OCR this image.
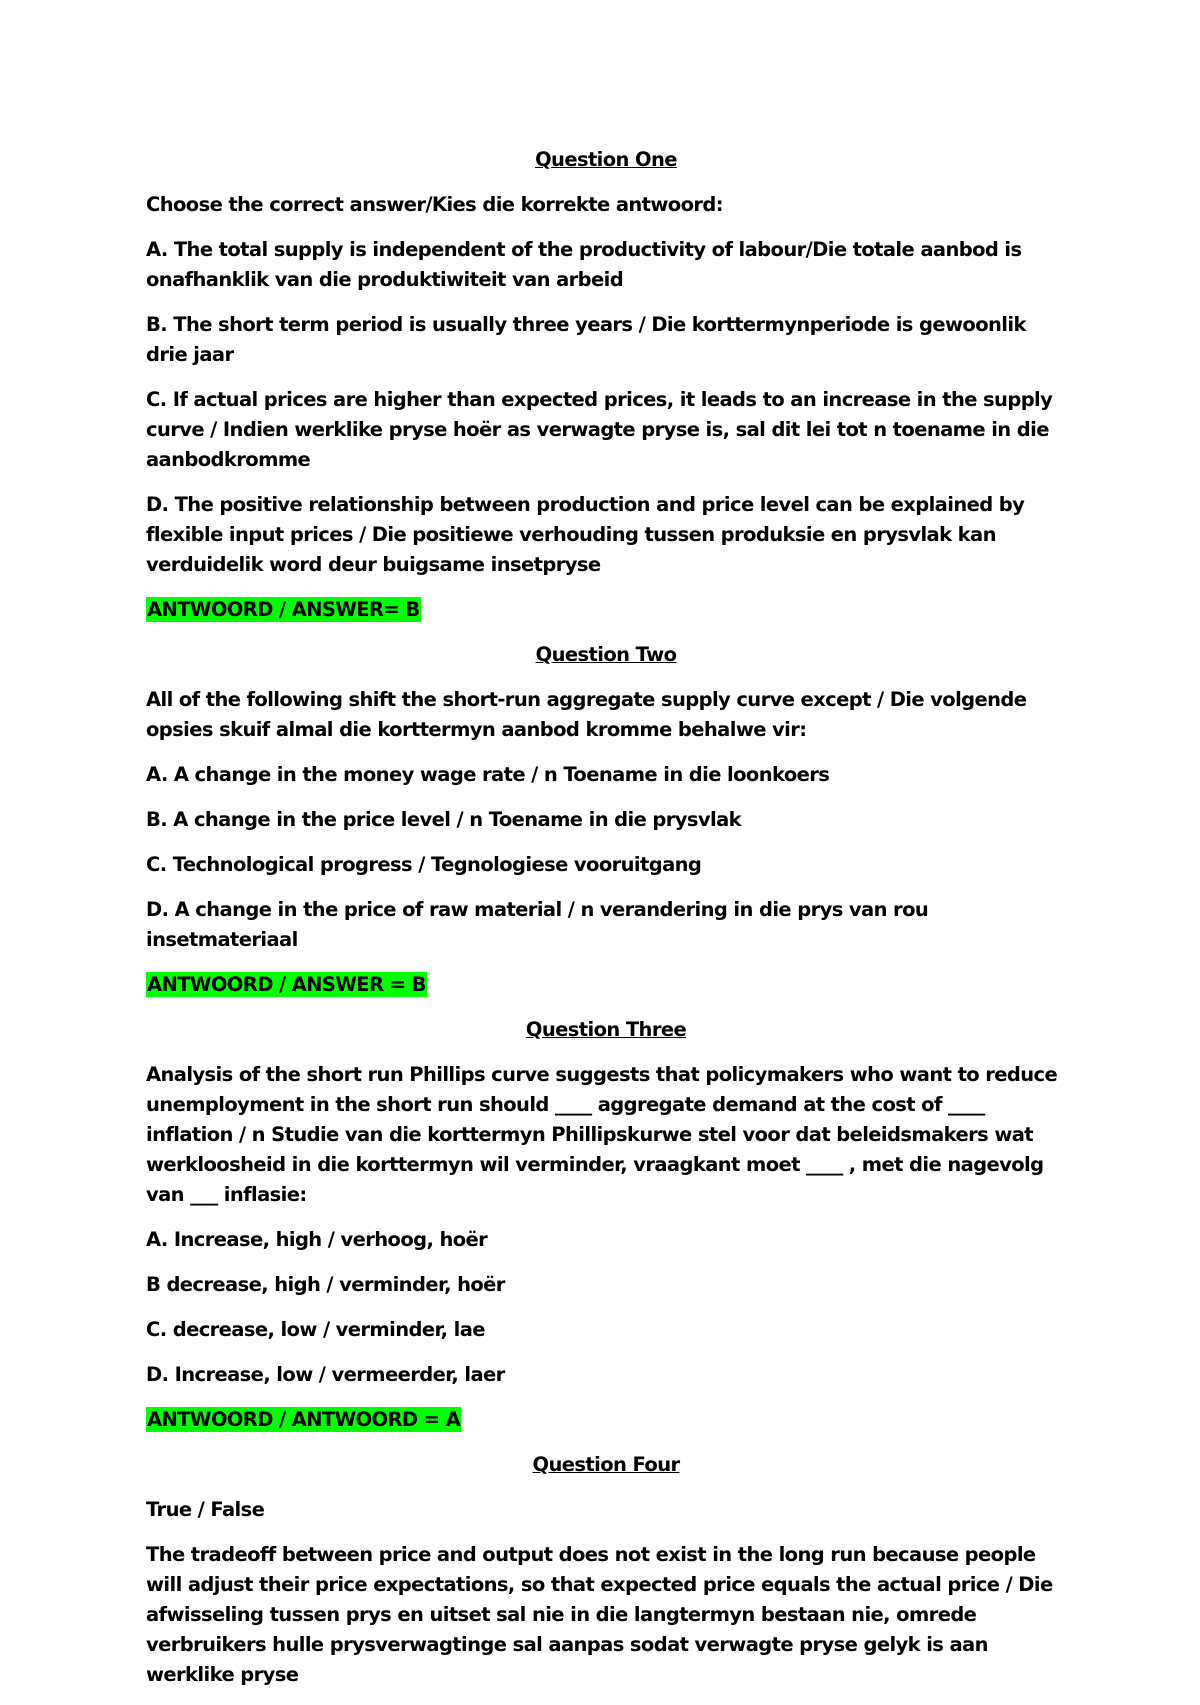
Question One
Choose the correct answer/Kies die korrekte antwoord:
A. The total supply is independent of the productivity of labour/Die totale aanbod is onafhanklik van die produktiwiteit van arbeid
B. The short term period is usually three years / Die korttermynperiode is gewoonlik drie jaar
C. If actual prices are higher than expected prices, it leads to an increase in the supply curve / Indien werklike pryse hoër as verwagte pryse is, sal dit lei tot n toename in die aanbodkromme
D. The positive relationship between production and price level can be explained by flexible input prices / Die positiewe verhouding tussen produksie en prysvlak kan verduidelik word deur buigsame insetpryse
ANTWOORD / ANSWER= B
Question Two
All of the following shift the short-run aggregate supply curve except / Die volgende opsies skuif almal die korttermyn aanbod kromme behalwe vir:
A. A change in the money wage rate / n Toename in die loonkoers
B. A change in the price level / n Toename in die prysvlak
C. Technological progress / Tegnologiese vooruitgang
D. A change in the price of raw material / n verandering in die prys van rou insetmateriaal
ANTWOORD / ANSWER = B
Question Three
Analysis of the short run Phillips curve suggests that policymakers who want to reduce unemployment in the short run should ____ aggregate demand at the cost of ____ inflation / n Studie van die korttermyn Phillipskurwe stel voor dat beleidsmakers wat werkloosheid in die korttermyn wil verminder, vraagkant moet ____ , met die nagevolg van ___ inflasie:
A. Increase, high / verhoog, hoër
B decrease, high / verminder, hoër
C. decrease, low / verminder, lae
D. Increase, low / vermeerder, laer
ANTWOORD / ANTWOORD = A
Question Four
True / False
The tradeoff between price and output does not exist in the long run because people will adjust their price expectations, so that expected price equals the actual price / Die afwisseling tussen prys en uitset sal nie in die langtermyn bestaan nie, omrede verbruikers hulle prysverwagtinge sal aanpas sodat verwagte pryse gelyk is aan werklike pryse
